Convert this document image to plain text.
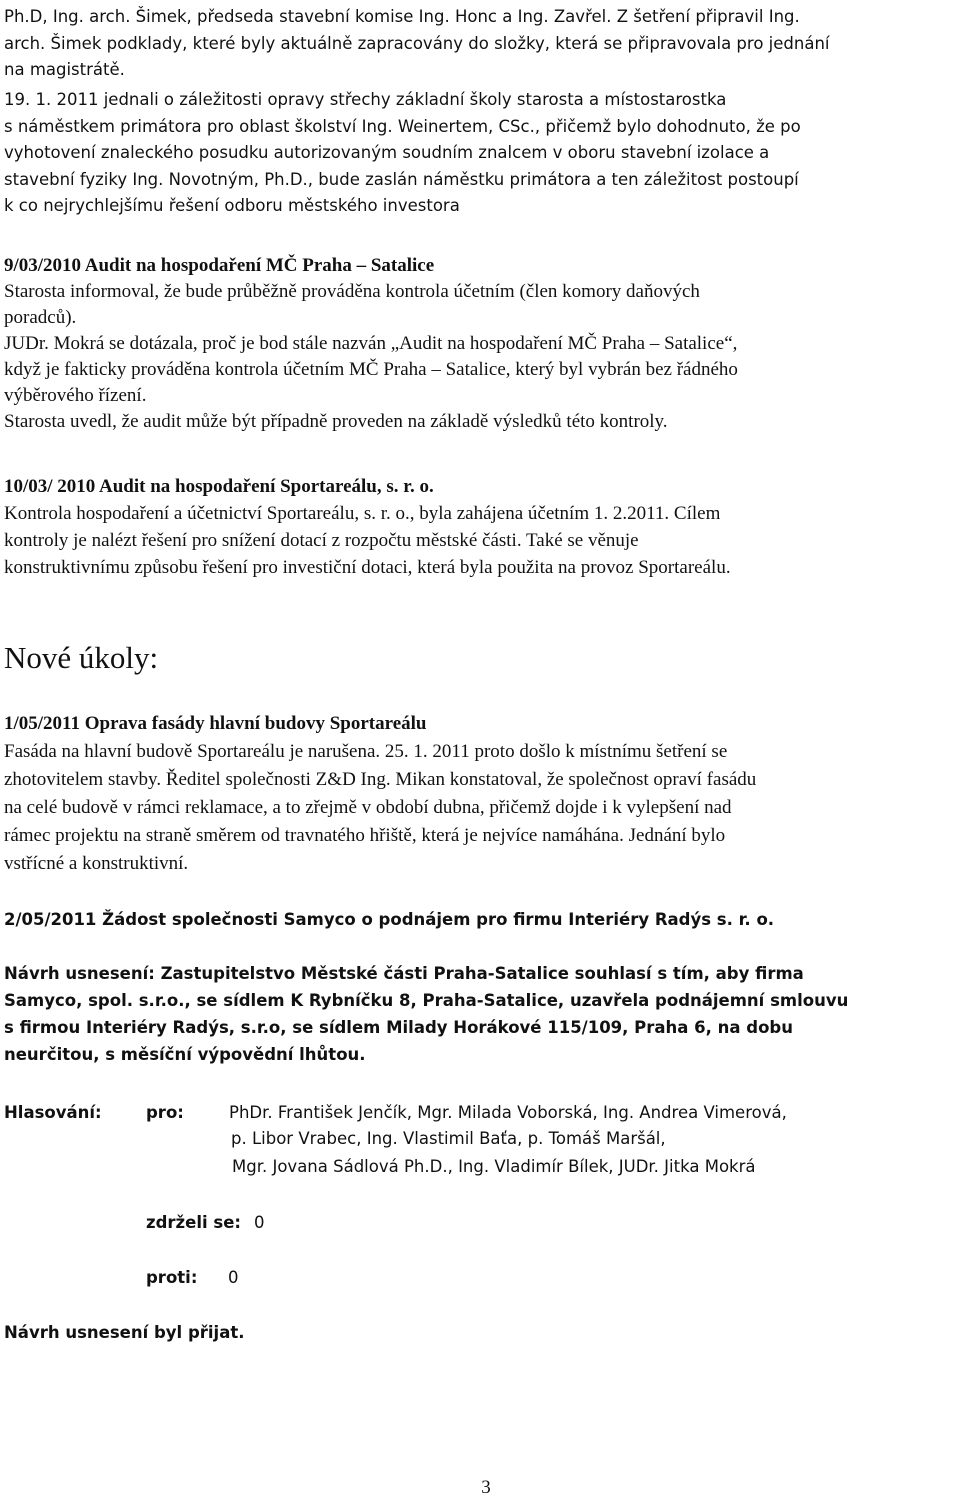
Ph.D, Ing. arch. Šimek, předseda stavební komise Ing. Honc a Ing. Zavřel. Z šetření připravil Ing.

arch. Šimek podklady, které byly aktuálně zapracovány do složky, která se připravovala pro jednání

na magistrátě.

19. 1. 2011 jednali o záležitosti opravy střechy základní školy starosta a místostarostka

s náměstkem primátora pro oblast školství Ing. Weinertem, CSc., přičemž bylo dohodnuto, že po

vyhotovení znaleckého posudku autorizovaným soudním znalcem v oboru stavební izolace a

stavební fyziky Ing. Novotným, Ph.D., bude zaslán náměstku primátora a ten záležitost postoupí

k co nejrychlejšímu řešení odboru městského investora

9/03/2010 Audit na hospodaření MČ Praha – Satalice

Starosta informoval, že bude průběžně prováděna kontrola účetním (člen komory daňových

poradců).

JUDr. Mokrá se dotázala, proč je bod stále nazván „Audit na hospodaření MČ Praha – Satalice“,

když je fakticky prováděna kontrola účetním MČ Praha – Satalice, který byl vybrán bez řádného

výběrového řízení.

Starosta uvedl, že audit může být případně proveden na základě výsledků této kontroly.

10/03/ 2010 Audit na hospodaření Sportareálu, s. r. o.

Kontrola hospodaření a účetnictví Sportareálu, s. r. o., byla zahájena účetním 1. 2.2011. Cílem

kontroly je nalézt řešení pro snížení dotací z rozpočtu městské části. Také se věnuje

konstruktivnímu způsobu řešení pro investiční dotaci, která byla použita na provoz Sportareálu.

Nové úkoly:

1/05/2011 Oprava fasády hlavní budovy Sportareálu

Fasáda na hlavní budově Sportareálu je narušena. 25. 1. 2011 proto došlo k místnímu šetření se

zhotovitelem stavby. Ředitel společnosti Z&D Ing. Mikan konstatoval, že společnost opraví fasádu

na celé budově v rámci reklamace, a to zřejmě v období dubna, přičemž dojde i k vylepšení nad

rámec projektu na straně směrem od travnatého hřiště, která je nejvíce namáhána. Jednání bylo

vstřícné a konstruktivní.

2/05/2011 Žádost společnosti Samyco o podnájem pro firmu Interiéry Radýs s. r. o.

Návrh usnesení: Zastupitelstvo Městské části Praha-Satalice souhlasí s tím, aby firma

Samyco, spol. s.r.o., se sídlem K Rybníčku 8, Praha-Satalice, uzavřela podnájemní smlouvu

s firmou Interiéry Radýs, s.r.o, se sídlem Milady Horákové 115/109, Praha 6, na dobu

neurčitou, s měsíční výpovědní lhůtou.

Hlasování:	pro:	PhDr. František Jenčík, Mgr. Milada Voborská, Ing. Andrea Vimerová,
p. Libor Vrabec, Ing. Vlastimil Baťa, p. Tomáš Maršál,
Mgr. Jovana Sádlová Ph.D., Ing. Vladimír Bílek, JUDr. Jitka Mokrá
zdrželi se: 0
proti: 0
Návrh usnesení byl přijat.
3
